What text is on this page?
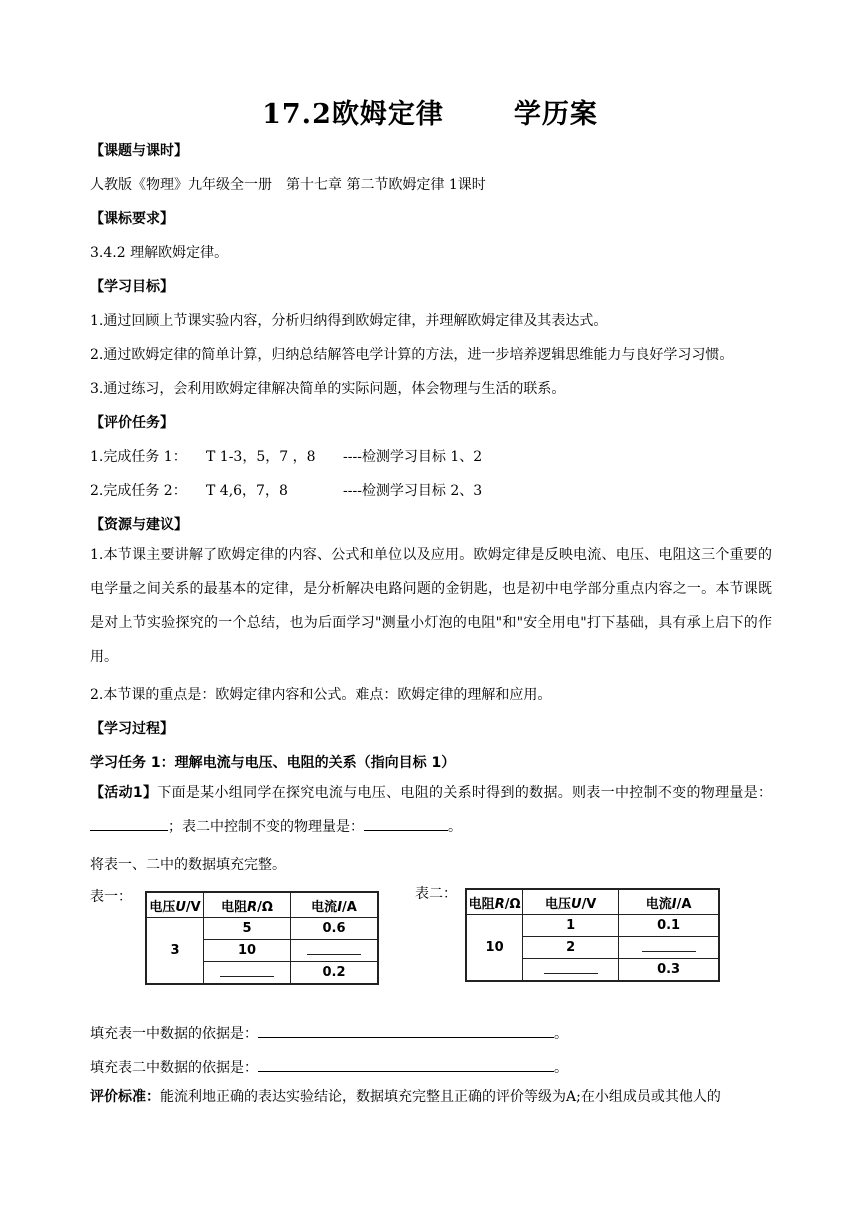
17.2欧姆定律	学历案
【课题与课时】
人教版《物理》九年级全一册　第十七章 第二节欧姆定律 1课时
【课标要求】
3.4.2 理解欧姆定律。
【学习目标】
1.通过回顾上节课实验内容，分析归纳得到欧姆定律，并理解欧姆定律及其表达式。
2.通过欧姆定律的简单计算，归纳总结解答电学计算的方法，进一步培养逻辑思维能力与良好学习习惯。
3.通过练习，会利用欧姆定律解决简单的实际问题，体会物理与生活的联系。
【评价任务】
1.完成任务 1： T 1-3，5，7 ，8 ----检测学习目标 1、2
2.完成任务 2： T 4,6，7，8	----检测学习目标 2、3
【资源与建议】
1.本节课主要讲解了欧姆定律的内容、公式和单位以及应用。欧姆定律是反映电流、电压、电阻这三个重要的电学量之间关系的最基本的定律，是分析解决电路问题的金钥匙，也是初中电学部分重点内容之一。本节课既是对上节实验探究的一个总结，也为后面学习"测量小灯泡的电阻"和"安全用电"打下基础，具有承上启下的作用。
2.本节课的重点是：欧姆定律内容和公式。难点：欧姆定律的理解和应用。
【学习过程】
学习任务 1：理解电流与电压、电阻的关系（指向目标 1）
【活动1】下面是某小组同学在探究电流与电压、电阻的关系时得到的数据。则表一中控制不变的物理量是：；表二中控制不变的物理量是：	。
将表一、二中的数据填充完整。
表一：
电压U/V	电阻R/Ω	电流I/A
3	5	0.6
	10	
		0.2
表二：
电阻R/Ω	电压U/V	电流I/A
10	1	0.1
	2	
		0.3
填充表一中数据的依据是：	。
填充表二中数据的依据是：	。
评价标准：能流利地正确的表达实验结论，数据填充完整且正确的评价等级为A;在小组成员或其他人的
